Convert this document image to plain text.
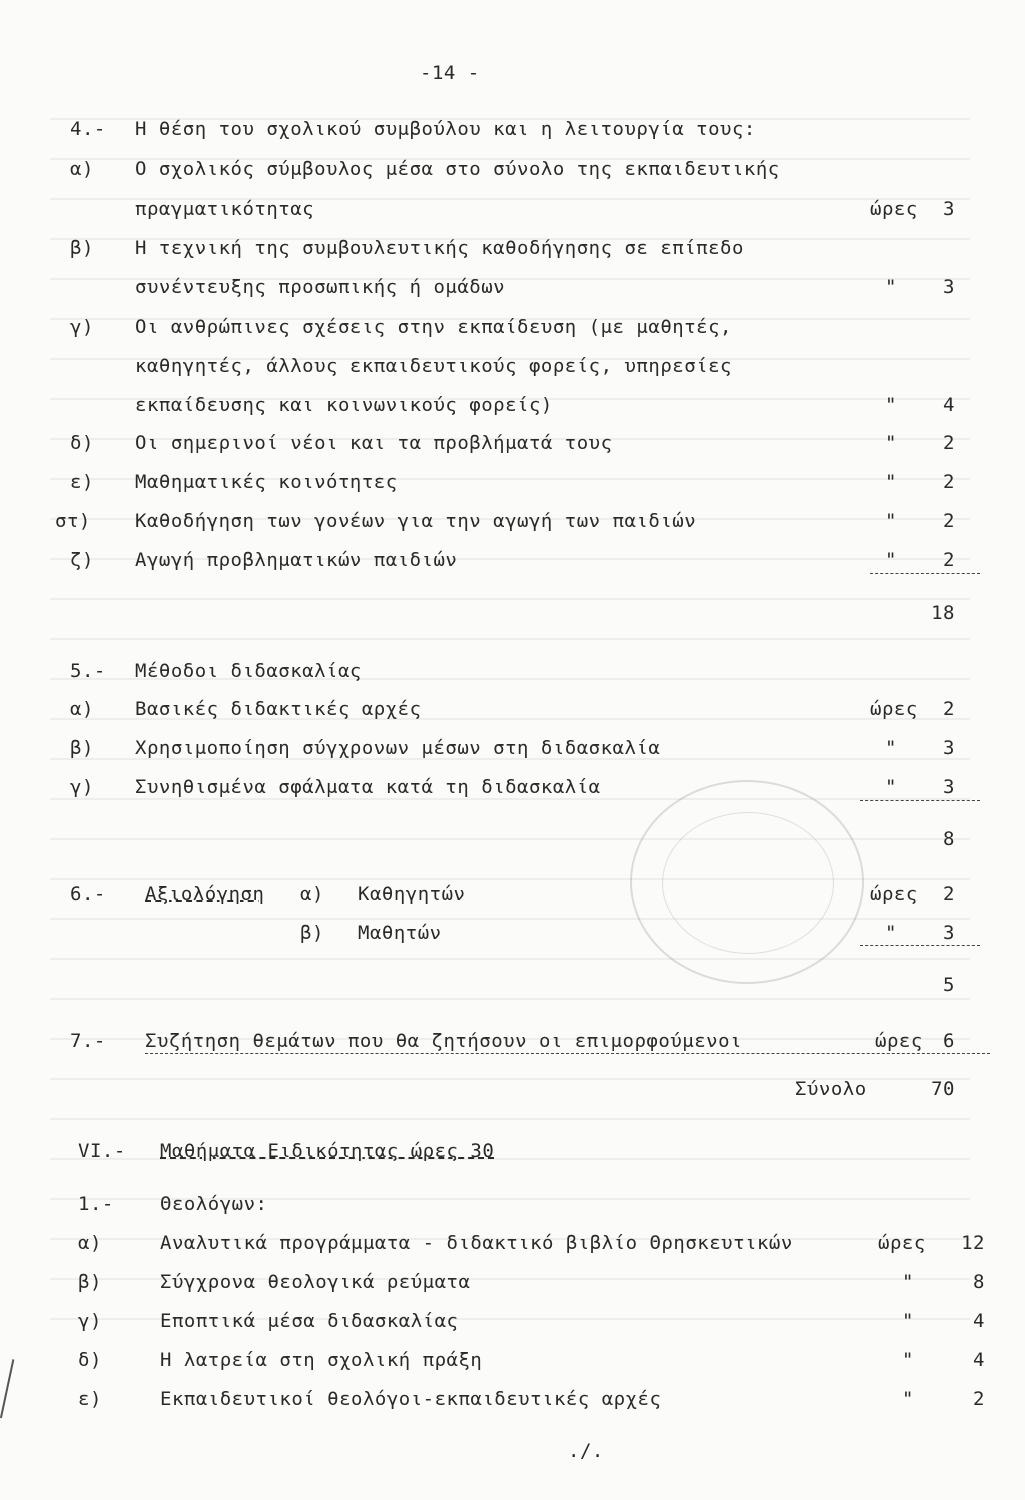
-14 -
4.- Η θέση του σχολικού συμβούλου και η λειτουργία τους:
α) Ο σχολικός σύμβουλος μέσα στο σύνολο της εκπαιδευτικής
πραγματικότητας	ώρες	3
β) Η τεχνική της συμβουλευτικής καθοδήγησης σε επίπεδο
συνέντευξης προσωπικής ή ομάδων	"	3
γ) Οι ανθρώπινες σχέσεις στην εκπαίδευση (με μαθητές,
καθηγητές, άλλους εκπαιδευτικούς φορείς, υπηρεσίες
εκπαίδευσης και κοινωνικούς φορείς)	"	4
δ) Οι σημερινοί νέοι και τα προβλήματά τους	"	2
ε) Μαθηματικές κοινότητες	"	2
στ) Καθοδήγηση των γονέων για την αγωγή των παιδιών	"	2
ζ) Αγωγή προβληματικών παιδιών	"	2
18
5.- Μέθοδοι διδασκαλίας
α) Βασικές διδακτικές αρχές	ώρες	2
β) Χρησιμοποίηση σύγχρονων μέσων στη διδασκαλία	"	3
γ) Συνηθισμένα σφάλματα κατά τη διδασκαλία	"	3
8
6.- Αξιολόγηση α) Καθηγητών	ώρες	2
β) Μαθητών	"	3
5
7.- Συζήτηση θεμάτων που θα ζητήσουν οι επιμορφούμενοι	ώρες	6
Σύνολο	70
VI.- Μαθήματα Ειδικότητας ώρες 30
1.- Θεολόγων:
α)	Αναλυτικά προγράμματα - διδακτικό βιβλίο Θρησκευτικών	ώρες	12
β)	Σύγχρονα θεολογικά ρεύματα	"	8
γ)	Εποπτικά μέσα διδασκαλίας	"	4
δ)	Η λατρεία στη σχολική πράξη	"	4
ε)	Εκπαιδευτικοί θεολόγοι-εκπαιδευτικές αρχές	"	2
./.
